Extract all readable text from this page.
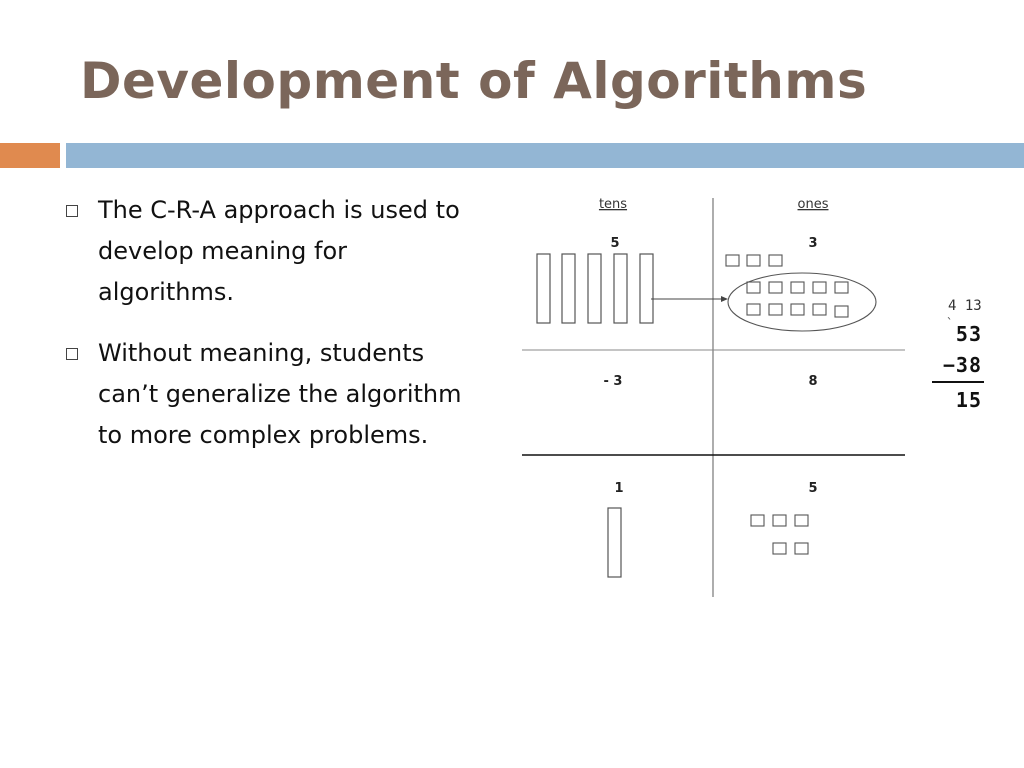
Development of Algorithms
The C-R-A approach is used to develop meaning for algorithms.
Without meaning, students can’t generalize the algorithm to more complex problems.
tens	ones
5	3
- 3	8
1	5
4 13
` 53
−38
15
